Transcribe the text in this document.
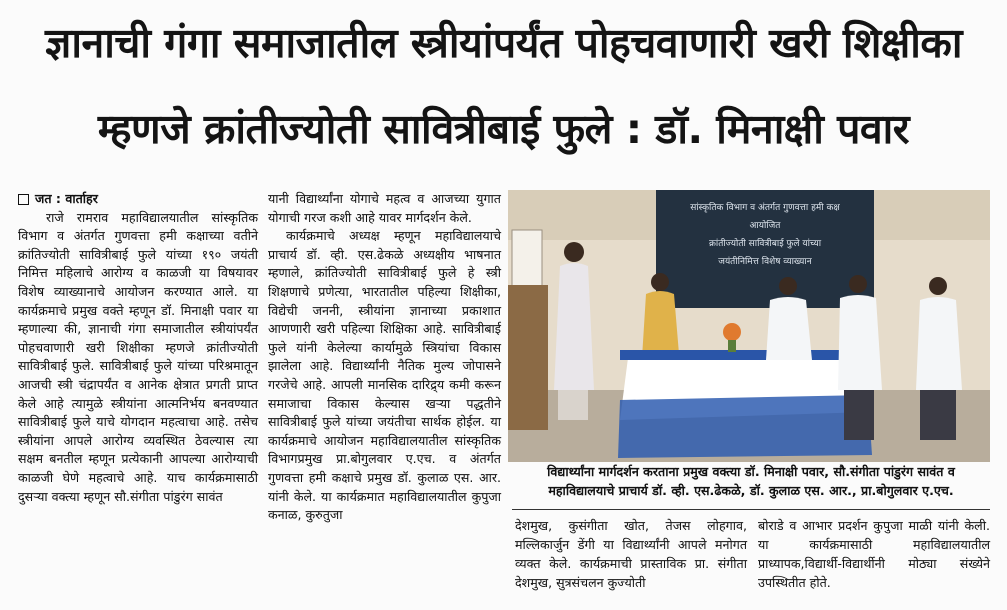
ज्ञानाची गंगा समाजातील स्त्रीयांपर्यंत पोहचवाणारी खरी शिक्षीका
म्हणजे क्रांतीज्योती सावित्रीबाई फुले : डॉ. मिनाक्षी पवार
जत : वार्ताहर
राजे रामराव महाविद्यालयातील सांस्कृतिक विभाग व अंतर्गत गुणवत्ता हमी कक्षाच्या वतीने क्रांतिज्योती सावित्रीबाई फुले यांच्या १९० जयंती निमित्त महिलाचे आरोग्य व काळजी या विषयावर विशेष व्याख्यानाचे आयोजन करण्यात आले. या कार्यक्रमाचे प्रमुख वक्ते म्हणून डॉ. मिनाक्षी पवार या म्हणाल्या की, ज्ञानाची गंगा समाजातील स्त्रीयांपर्यंत पोहचवाणारी खरी शिक्षीका म्हणजे क्रांतीज्योती सावित्रीबाई फुले. सावित्रीबाई फुले यांच्या परिश्रमातून आजची स्त्री चंद्रापर्यंत व आनेक क्षेत्रात प्रगती प्राप्त केले आहे त्यामुळे स्त्रीयांना आत्मनिर्भय बनवण्यात सावित्रीबाई फुले याचे योगदान महत्वाचा आहे. तसेच स्त्रीयांना आपले आरोग्य व्यवस्थित ठेवल्यास त्या सक्षम बनतील म्हणून प्रत्येकानी आपल्या आरोग्याची काळजी घेणे महत्वाचे आहे. याच कार्यक्रमासाठी दुसऱ्या वक्त्या म्हणून सौ.संगीता पांडुरंग सावंत
यानी विद्यार्थ्यांना योगाचे महत्व व आजच्या युगात योगाची गरज कशी आहे यावर मार्गदर्शन केले.
कार्यक्रमाचे अध्यक्ष म्हणून महाविद्यालयाचे प्राचार्य डॉ. व्ही. एस.ढेकळे अध्यक्षीय भाषनात म्हणाले, क्रांतिज्योती सावित्रीबाई फुले हे स्त्री शिक्षणाचे प्रणेत्या, भारतातील पहिल्या शिक्षीका, विद्येची जननी, स्त्रीयांना ज्ञानाच्या प्रकाशात आणणारी खरी पहिल्या शिक्षिका आहे. सावित्रीबाई फुले यांनी केलेल्या कार्यामुळे स्त्रियांचा विकास झालेला आहे. विद्यार्थ्यांनी नैतिक मुल्य जोपासने गरजेचे आहे. आपली मानसिक दारिद्र्य कमी करून समाजाचा विकास केल्यास खऱ्या पद्धतीने सावित्रीबाई फुले यांच्या जयंतीचा सार्थक होईल. या कार्यक्रमाचे आयोजन महाविद्यालयातील सांस्कृतिक विभागप्रमुख प्रा.बोगुलवार ए.एच. व अंतर्गत गुणवत्ता हमी कक्षाचे प्रमुख डॉ. कुलाळ एस. आर. यांनी केले. या कार्यक्रमात महाविद्यालयातील कुपुजा कनाळ, कुरुतुजा
सांस्कृतिक विभाग व अंतर्गत गुणवत्ता हमी कक्ष
आयोजित
क्रांतीज्योती सावित्रीबाई फुले यांच्या
जयंतीनिमित्त विशेष व्याख्यान
विद्यार्थ्यांना मार्गदर्शन करताना प्रमुख वक्त्या डॉ. मिनाक्षी पवार, सौ.संगीता पांडुरंग सावंत व महाविद्यालयाचे प्राचार्य डॉ. व्ही. एस.ढेकळे, डॉ. कुलाळ एस. आर., प्रा.बोगुलवार ए.एच.
देशमुख, कुसंगीता खोत, तेजस लोहगाव, मल्लिकार्जुन डेंगी या विद्यार्थ्यांनी आपले मनोगत व्यक्त केले. कार्यक्रमाची प्रास्ताविक प्रा. संगीता देशमुख, सुत्रसंचलन कुज्योती
बोराडे व आभार प्रदर्शन कुपुजा माळी यांनी केली. या कार्यक्रमासाठी महाविद्यालयातील प्राध्यापक,विद्यार्थी-विद्यार्थीनी मोठ्या संख्येने उपस्थितीत होते.
